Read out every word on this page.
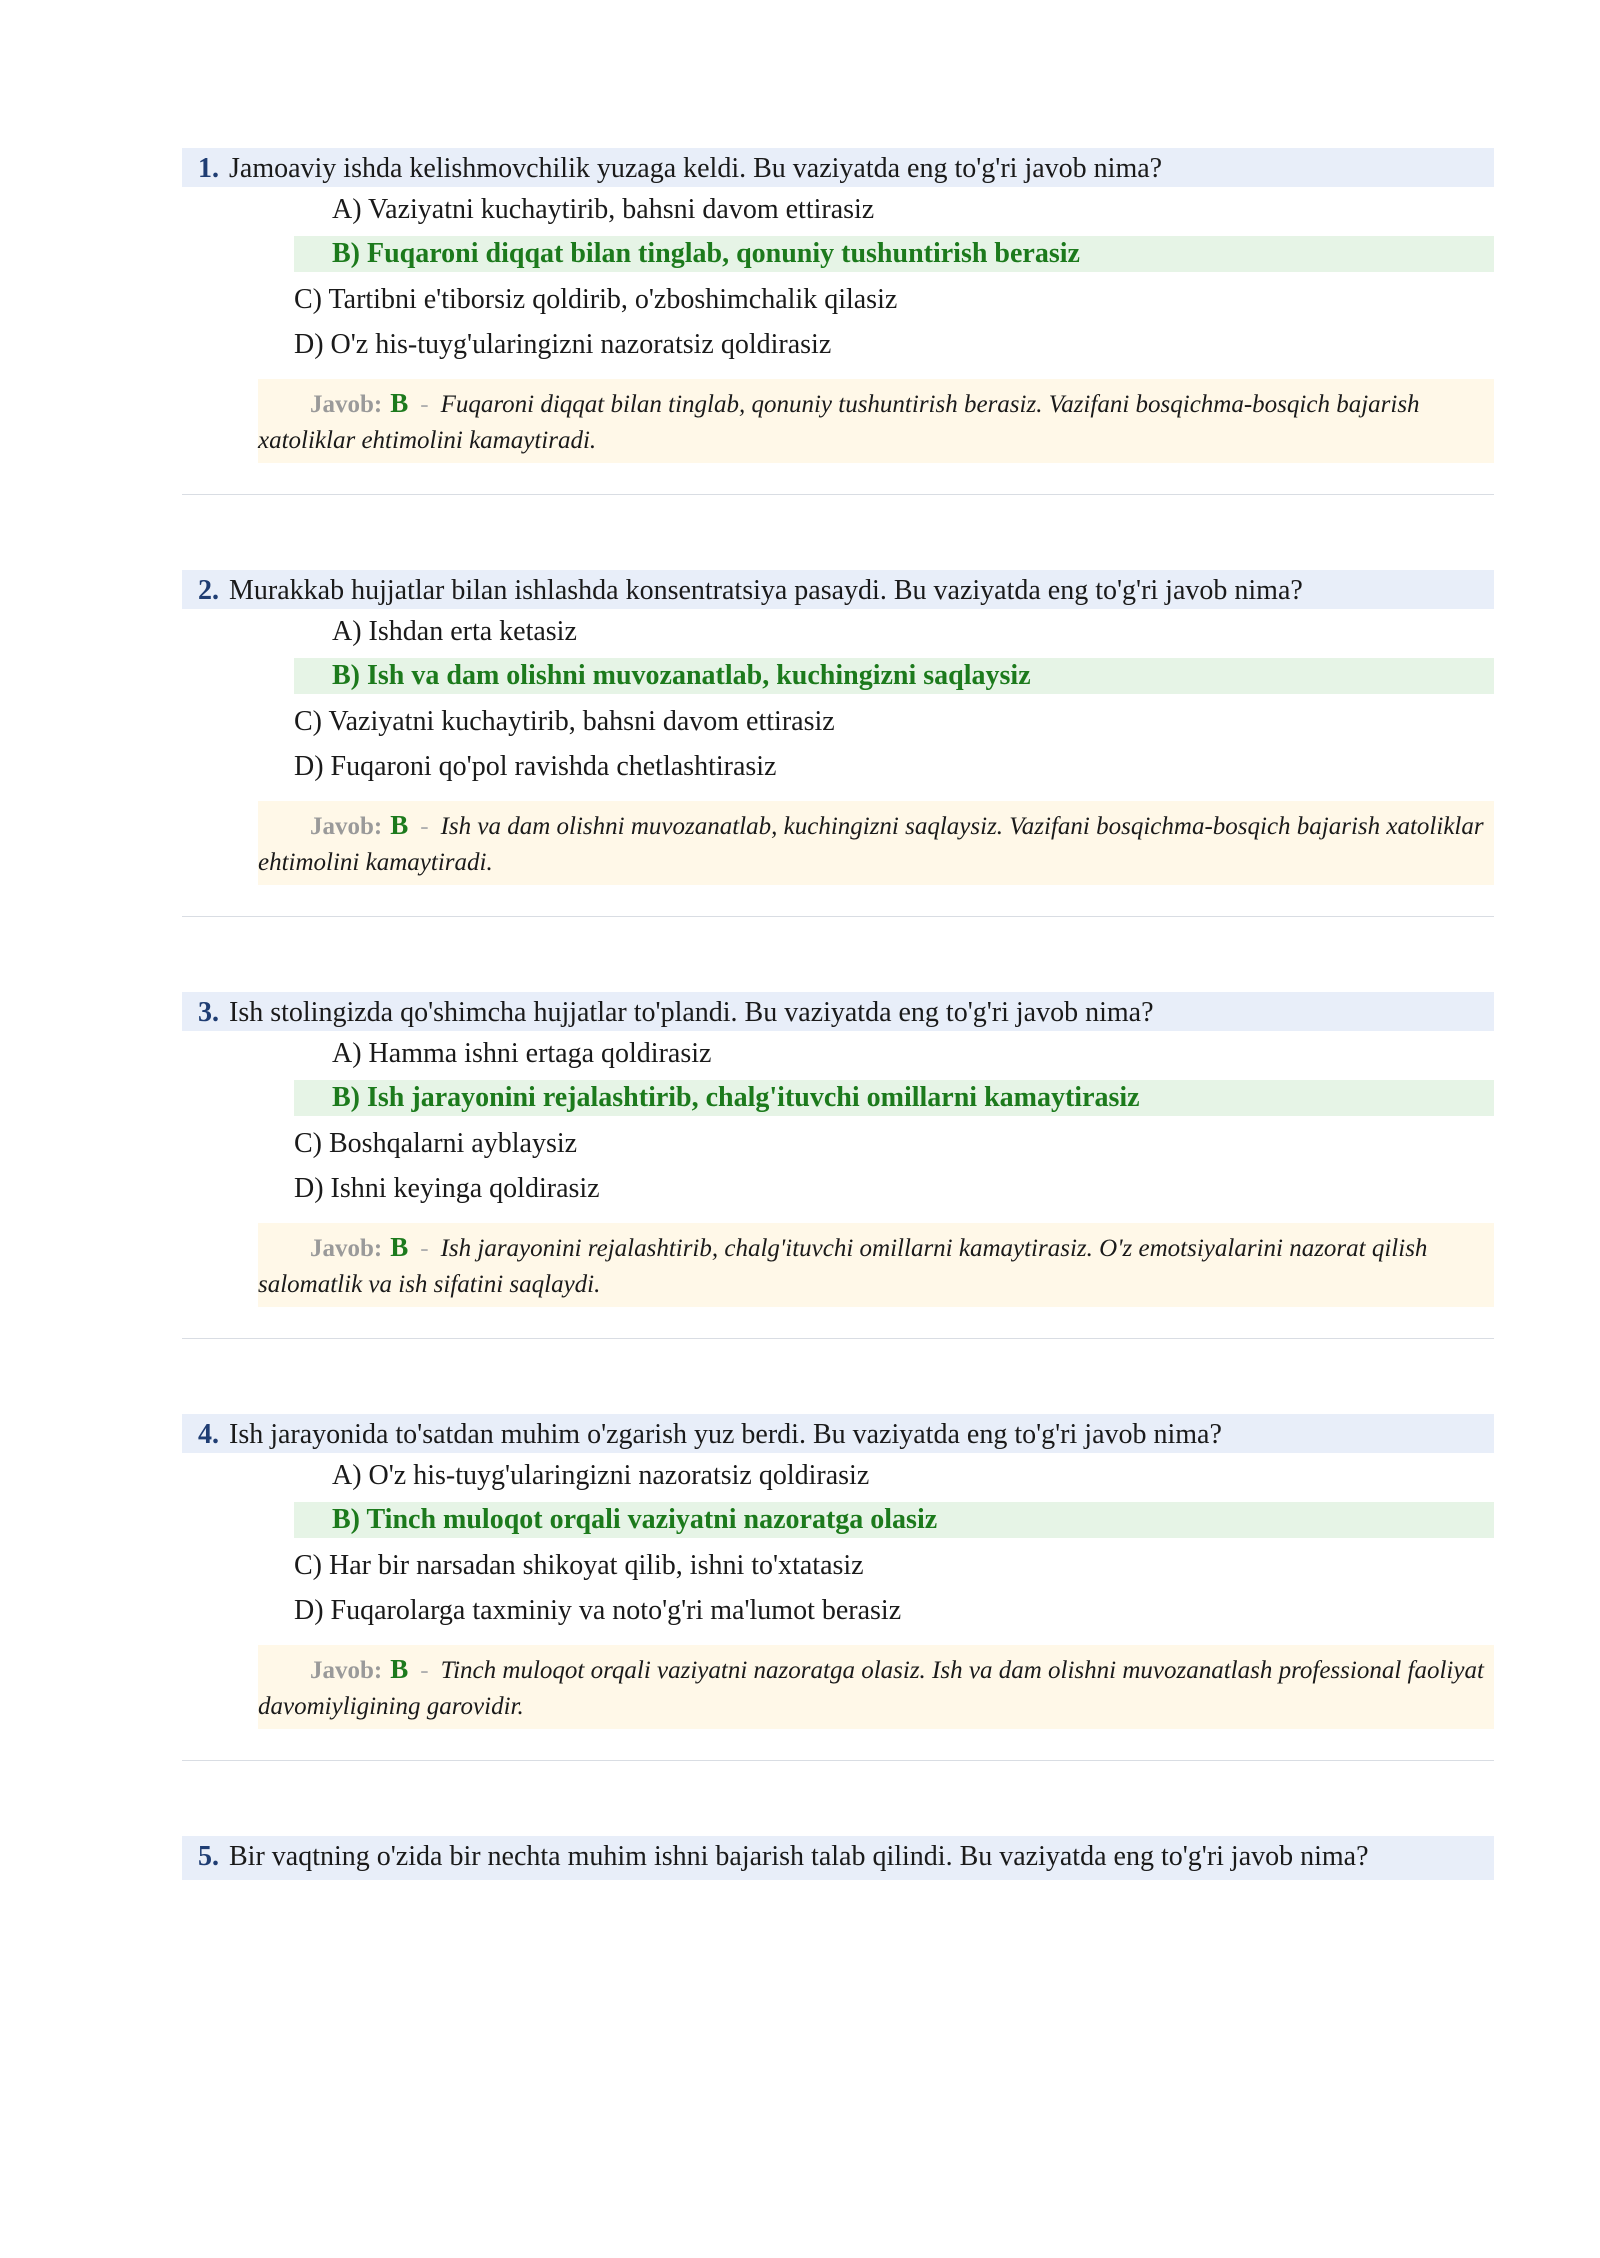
1. Jamoaviy ishda kelishmovchilik yuzaga keldi. Bu vaziyatda eng to'g'ri javob nima?

A) Vaziyatni kuchaytirib, bahsni davom ettirasiz

B) Fuqaroni diqqat bilan tinglab, qonuniy tushuntirish berasiz

C) Tartibni e'tiborsiz qoldirib, o'zboshimchalik qilasiz

D) O'z his-tuyg'ularingizni nazoratsiz qoldirasiz

Javob: B - Fuqaroni diqqat bilan tinglab, qonuniy tushuntirish berasiz. Vazifani bosqichma-bosqich bajarish xatoliklar ehtimolini kamaytiradi.

2. Murakkab hujjatlar bilan ishlashda konsentratsiya pasaydi. Bu vaziyatda eng to'g'ri javob nima?

A) Ishdan erta ketasiz

B) Ish va dam olishni muvozanatlab, kuchingizni saqlaysiz

C) Vaziyatni kuchaytirib, bahsni davom ettirasiz

D) Fuqaroni qo'pol ravishda chetlashtirasiz

Javob: B - Ish va dam olishni muvozanatlab, kuchingizni saqlaysiz. Vazifani bosqichma-bosqich bajarish xatoliklar ehtimolini kamaytiradi.

3. Ish stolingizda qo'shimcha hujjatlar to'plandi. Bu vaziyatda eng to'g'ri javob nima?

A) Hamma ishni ertaga qoldirasiz

B) Ish jarayonini rejalashtirib, chalg'ituvchi omillarni kamaytirasiz

C) Boshqalarni ayblaysiz

D) Ishni keyinga qoldirasiz

Javob: B - Ish jarayonini rejalashtirib, chalg'ituvchi omillarni kamaytirasiz. O'z emotsiyalarini nazorat qilish salomatlik va ish sifatini saqlaydi.

4. Ish jarayonida to'satdan muhim o'zgarish yuz berdi. Bu vaziyatda eng to'g'ri javob nima?

A) O'z his-tuyg'ularingizni nazoratsiz qoldirasiz

B) Tinch muloqot orqali vaziyatni nazoratga olasiz

C) Har bir narsadan shikoyat qilib, ishni to'xtatasiz

D) Fuqarolarga taxminiy va noto'g'ri ma'lumot berasiz

Javob: B - Tinch muloqot orqali vaziyatni nazoratga olasiz. Ish va dam olishni muvozanatlash professional faoliyat davomiyligining garovidir.

5. Bir vaqtning o'zida bir nechta muhim ishni bajarish talab qilindi. Bu vaziyatda eng to'g'ri javob nima?
